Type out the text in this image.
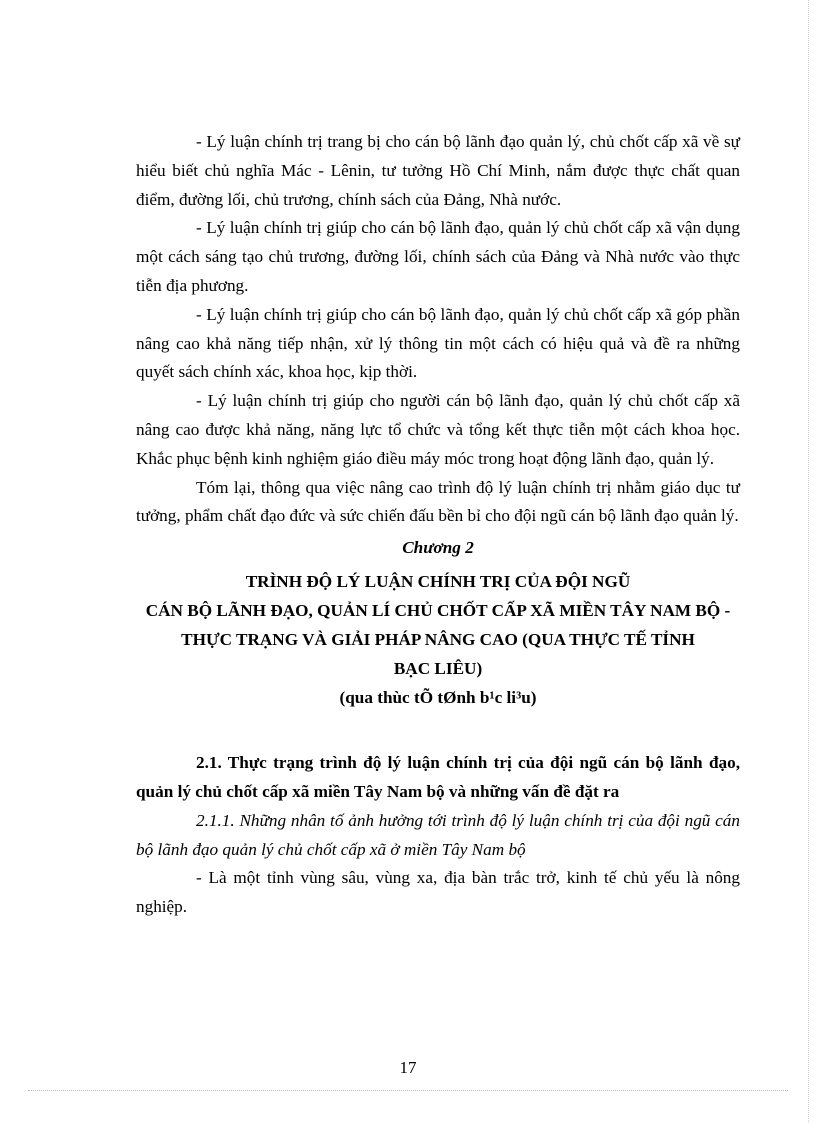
- Lý luận chính trị trang bị cho cán bộ lãnh đạo quản lý, chủ chốt cấp xã về sự hiểu biết chủ nghĩa Mác - Lênin, tư tưởng Hồ Chí Minh, nắm được thực chất quan điểm, đường lối, chủ trương, chính sách của Đảng, Nhà nước.

- Lý luận chính trị giúp cho cán bộ lãnh đạo, quản lý chủ chốt cấp xã vận dụng một cách sáng tạo chủ trương, đường lối, chính sách của Đảng và Nhà nước vào thực tiễn địa phương.

- Lý luận chính trị giúp cho cán bộ lãnh đạo, quản lý chủ chốt cấp xã góp phần nâng cao khả năng tiếp nhận, xử lý thông tin một cách có hiệu quả và đề ra những quyết sách chính xác, khoa học, kịp thời.

- Lý luận chính trị giúp cho người cán bộ lãnh đạo, quản lý chủ chốt cấp xã nâng cao được khả năng, năng lực tổ chức và tổng kết thực tiễn một cách khoa học. Khắc phục bệnh kinh nghiệm giáo điều máy móc trong hoạt động lãnh đạo, quản lý.

Tóm lại, thông qua việc nâng cao trình độ lý luận chính trị nhằm giáo dục tư tưởng, phẩm chất đạo đức và sức chiến đấu bền bỉ cho đội ngũ cán bộ lãnh đạo quản lý.

Chương 2

TRÌNH ĐỘ LÝ LUẬN CHÍNH TRỊ CỦA ĐỘI NGŨ
CÁN BỘ LÃNH ĐẠO, QUẢN LÍ CHỦ CHỐT CẤP XÃ MIỀN TÂY NAM BỘ -
THỰC TRẠNG VÀ GIẢI PHÁP NÂNG CAO (QUA THỰC TẾ TỈNH
BẠC LIÊU)

(qua thùc tÕ tØnh b¹c li³u)

2.1. Thực trạng trình độ lý luận chính trị của đội ngũ cán bộ lãnh đạo, quản lý chủ chốt cấp xã miền Tây Nam bộ và những vấn đề đặt ra

2.1.1. Những nhân tố ảnh hưởng tới trình độ lý luận chính trị của đội ngũ cán bộ lãnh đạo quản lý chủ chốt cấp xã ở miền Tây Nam bộ

- Là một tỉnh vùng sâu, vùng xa, địa bàn trắc trở, kinh tế chủ yếu là nông nghiệp.

17
